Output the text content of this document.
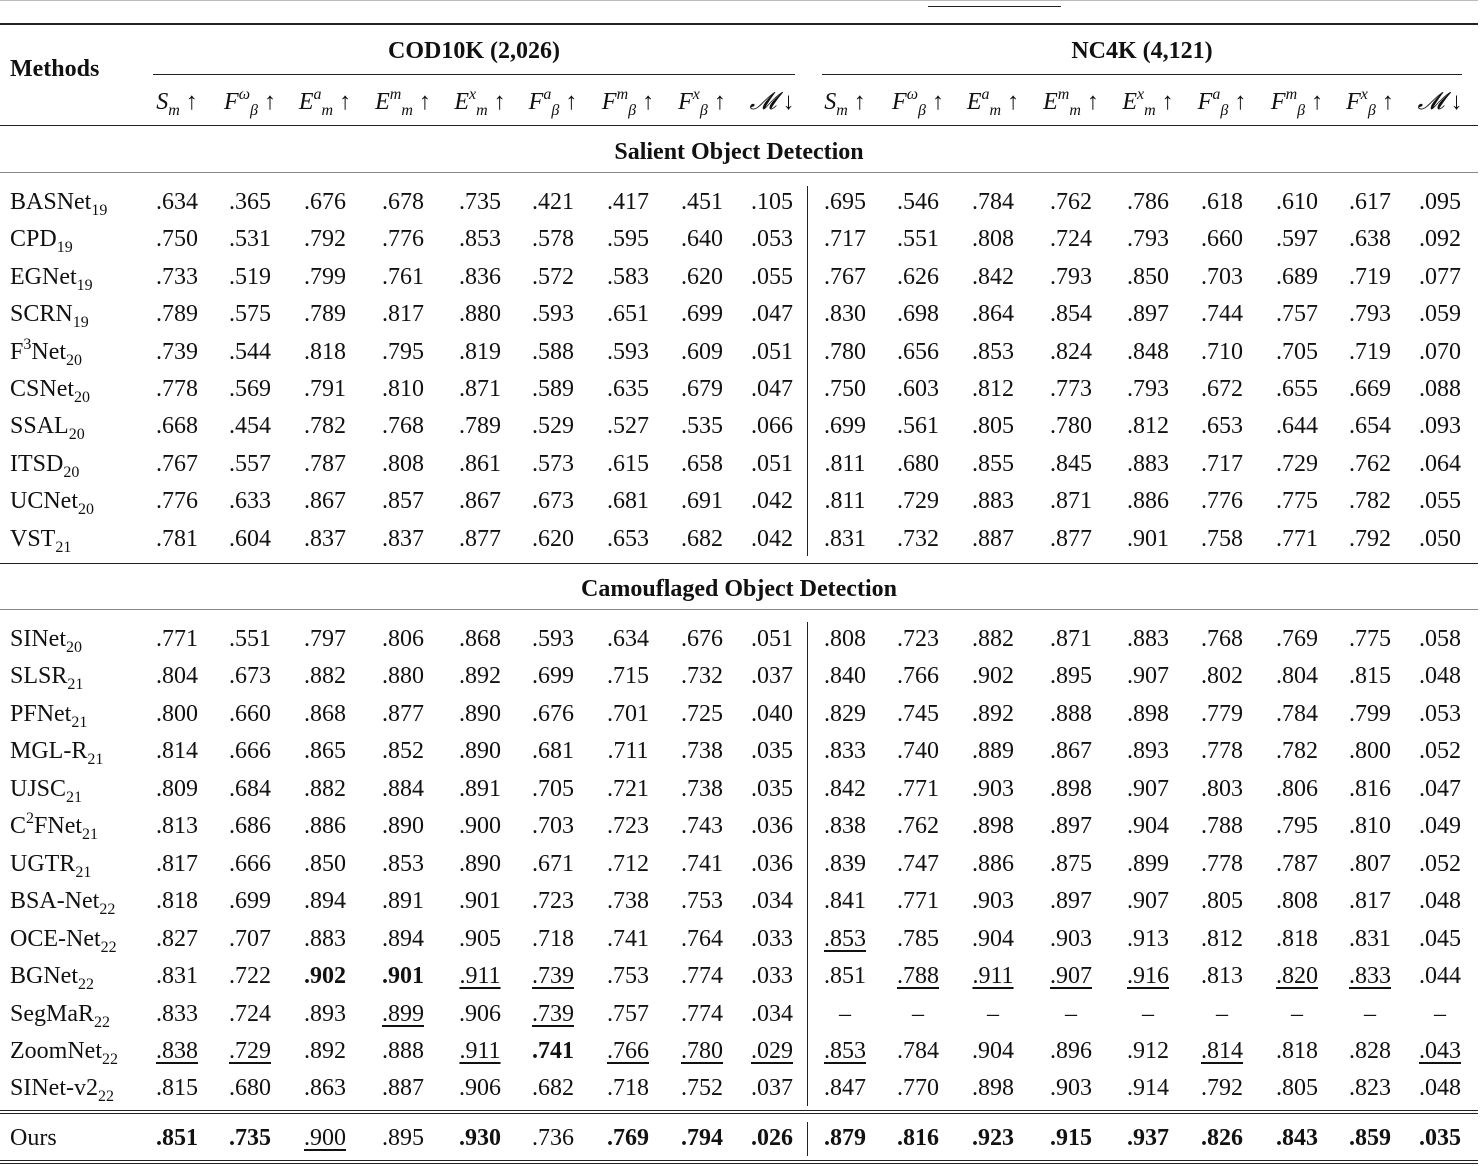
Methods
COD10K (2,026)	NC4K (4,121)
$S_m$ ↑	$F^\omega_\beta$ ↑ $E^a_m$ ↑ $E^m_m$ ↑ $E^x_m$ ↑ $F^a_\beta$ ↑	$F^m_\beta$ ↑	$F^x_\beta$ ↑ 𝓜 ↓	$S_m$ ↑	$F^\omega_\beta$ ↑ $E^a_m$ ↑ $E^m_m$ ↑ $E^x_m$ ↑	$F^a_\beta$ ↑	$F^m_\beta$ ↑ $F^x_\beta$ ↑ 𝓜 ↓
Salient Object Detection
BASNet$_{19}$	.634	.365	.676	.678	.735	.421	.417	.451	.105	.695	.546	.784	.762	.786	.618	.610	.617	.095
$CPD_{19}$	.750	.531	.792	.776	.853	.578	.595	.640	.053	.717	.551	.808	.724	.793	.660	.597	.638	.092
EGNet$_{19}$	.733	.519	.799	.761	.836	.572	.583	.620	.055	.767	.626	.842	.793	.850	.703	.689	.719	.077
$SCRN_{19}$	.789	.575	.789	.817	.880	.593	.651	.699	.047	.830	.698	.864	.854	.897	.744	.757	.793	.059
$F^3Net_{20}$	.739	.544	.818	.795	.819	.588	.593	.609	.051	.780	.656	.853	.824	.848	.710	.705	.719	.070
CSNet$_{20}$	.778	.569	.791	.810	.871	.589	.635	.679	.047	.750	.603	.812	.773	.793	.672	.655	.669	.088
$SSAL_{20}$	.668	.454	.782	.768	.789	.529	.527	.535	.066	.699	.561	.805	.780	.812	.653	.644	.654	.093
$ITSD_{20}$	.767	.557	.787	.808	.861	.573	.615	.658	.051	.811	.680	.855	.845	.883	.717	.729	.762	.064
UCNet$_{20}$	.776	.633	.867	.857	.867	.673	.681	.691	.042	.811	.729	.883	.871	.886	.776	.775	.782	.055
$VST_{21}$	.781	.604	.837	.837	.877	.620	.653	.682	.042	.831	.732	.887	.877	.901	.758	.771	.792	.050
Camouflaged Object Detection
SINet$_{20}$	.771	.551	.797	.806	.868	.593	.634	.676	.051	.808	.723	.882	.871	.883	.768	.769	.775	.058
$SLSR_{21}$	.804	.673	.882	.880	.892	.699	.715	.732	.037	.840	.766	.902	.895	.907	.802	.804	.815	.048
PFNet$_{21}$	.800	.660	.868	.877	.890	.676	.701	.725	.040	.829	.745	.892	.888	.898	.779	.784	.799	.053
MGL-$R_{21}$	.814	.666	.865	.852	.890	.681	.711	.738	.035	.833	.740	.889	.867	.893	.778	.782	.800	.052
$UJSC_{21}$	.809	.684	.882	.884	.891	.705	.721	.738	.035	.842	.771	.903	.898	.907	.803	.806	.816	.047
$C^2FNet_{21}$	.813	.686	.886	.890	.900	.703	.723	.743	.036	.838	.762	.898	.897	.904	.788	.795	.810	.049
$UGTR_{21}$	.817	.666	.850	.853	.890	.671	.712	.741	.036	.839	.747	.886	.875	.899	.778	.787	.807	.052
BSA-Net$_{22}$	.818	.699	.894	.891	.901	.723	.738	.753	.034	.841	.771	.903	.897	.907	.805	.808	.817	.048
OCE-Net$_{22}$	.827	.707	.883	.894	.905	.718	.741	.764	.033	.853	.785	.904	.903	.913	.812	.818	.831	.045
BGNet$_{22}$	.831	.722	.902	.901	.911	.739	.753	.774	.033	.851	.788	.911	.907	.916	.813	.820	.833	.044
SegMaR$_{22}$	.833	.724	.893	.899	.906	.739	.757	.774	.034	–	–	–	–	–	–	–	–	–
ZoomNet$_{22}$	.838	.729	.892	.888	.911	.741	.766	.780	.029	.853	.784	.904	.896	.912	.814	.818	.828	.043
SINet-$v2_{22}$	.815	.680	.863	.887	.906	.682	.718	.752	.037	.847	.770	.898	.903	.914	.792	.805	.823	.048
Ours	.851	.735	.900	.895	.930	.736	.769	.794	.026	.879	.816	.923	.915	.937	.826	.843	.859	.035
